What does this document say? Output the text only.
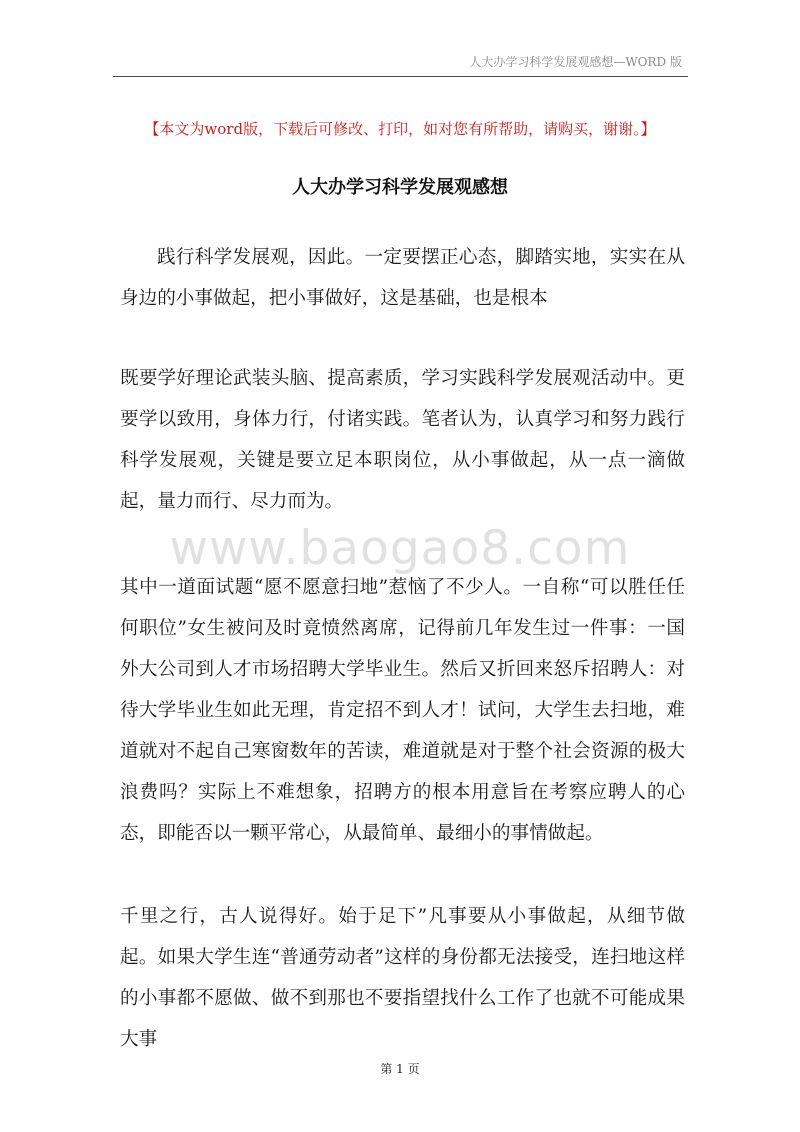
人大办学习科学发展观感想—WORD 版
【本文为word版，下载后可修改、打印，如对您有所帮助，请购买，谢谢。】
人大办学习科学发展观感想

践行科学发展观，因此。一定要摆正心态，脚踏实地，实实在从身边的小事做起，把小事做好，这是基础，也是根本

既要学好理论武装头脑、提高素质，学习实践科学发展观活动中。更要学以致用，身体力行，付诸实践。笔者认为，认真学习和努力践行科学发展观，关键是要立足本职岗位，从小事做起，从一点一滴做起，量力而行、尽力而为。

www.baogao8.com

其中一道面试题“愿不愿意扫地”惹恼了不少人。一自称“可以胜任任何职位”女生被问及时竟愤然离席，记得前几年发生过一件事：一国外大公司到人才市场招聘大学毕业生。然后又折回来怒斥招聘人：对待大学毕业生如此无理，肯定招不到人才！试问，大学生去扫地，难道就对不起自己寒窗数年的苦读，难道就是对于整个社会资源的极大浪费吗？实际上不难想象，招聘方的根本用意旨在考察应聘人的心态，即能否以一颗平常心，从最简单、最细小的事情做起。

千里之行，古人说得好。始于足下”凡事要从小事做起，从细节做起。如果大学生连“普通劳动者”这样的身份都无法接受，连扫地这样的小事都不愿做、做不到那也不要指望找什么工作了也就不可能成果大事

第 1 页
